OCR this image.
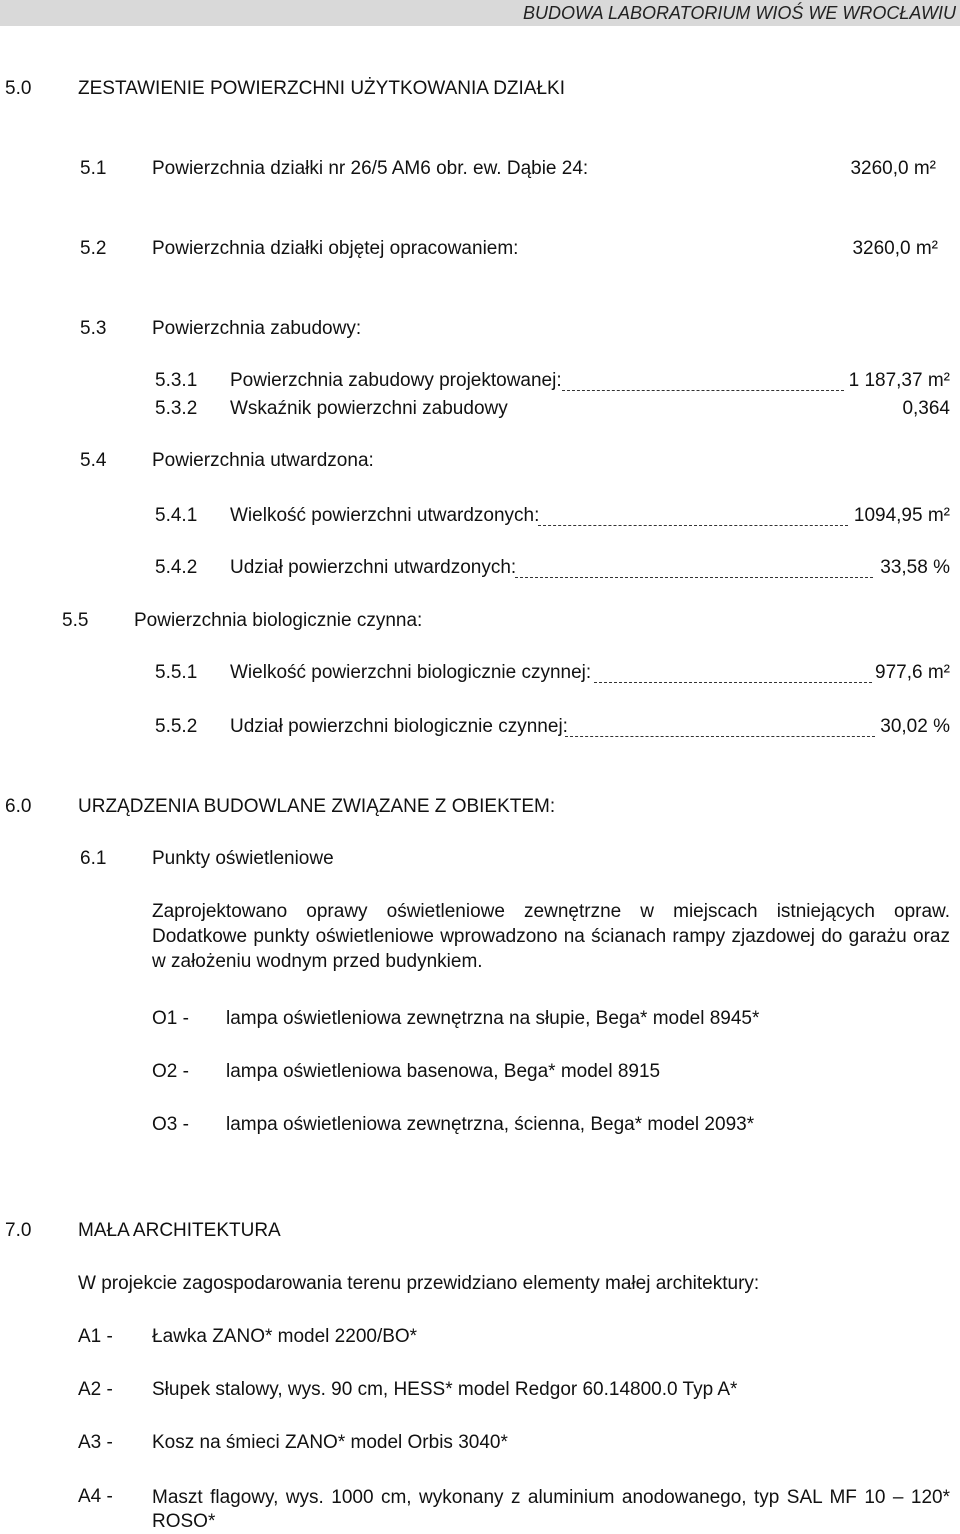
BUDOWA LABORATORIUM WIOŚ WE WROCŁAWIU
5.0 ZESTAWIENIE POWIERZCHNI UŻYTKOWANIA DZIAŁKI
5.1 Powierzchnia działki nr 26/5 AM6 obr. ew. Dąbie 24:	3260,0 m²
5.2 Powierzchnia działki objętej opracowaniem:	3260,0 m²
5.3 Powierzchnia zabudowy:
5.3.1 Powierzchnia zabudowy projektowanej:	1 187,37 m²
5.3.2 Wskaźnik powierzchni zabudowy	0,364
5.4 Powierzchnia utwardzona:
5.4.1 Wielkość powierzchni utwardzonych:	1094,95 m²
5.4.2 Udział powierzchni utwardzonych:	33,58 %
5.5 Powierzchnia biologicznie czynna:
5.5.1 Wielkość powierzchni biologicznie czynnej:	977,6 m²
5.5.2 Udział powierzchni biologicznie czynnej:	30,02 %
6.0 URZĄDZENIA BUDOWLANE ZWIĄZANE Z OBIEKTEM:
6.1 Punkty oświetleniowe
Zaprojektowano oprawy oświetleniowe zewnętrzne w miejscach istniejących opraw. Dodatkowe punkty oświetleniowe wprowadzono na ścianach rampy zjazdowej do garażu oraz w założeniu wodnym przed budynkiem.
O1 - lampa oświetleniowa zewnętrzna na słupie, Bega* model 8945*
O2 - lampa oświetleniowa basenowa, Bega* model 8915
O3 - lampa oświetleniowa zewnętrzna, ścienna, Bega* model 2093*
7.0 MAŁA ARCHITEKTURA
W projekcie zagospodarowania terenu przewidziano elementy małej architektury:
A1 - Ławka ZANO* model 2200/BO*
A2 - Słupek stalowy, wys. 90 cm, HESS* model Redgor 60.14800.0 Typ A*
A3 - Kosz na śmieci ZANO* model Orbis 3040*
A4 - Maszt flagowy, wys. 1000 cm, wykonany z aluminium anodowanego, typ SAL MF 10 – 120* ROSO*
